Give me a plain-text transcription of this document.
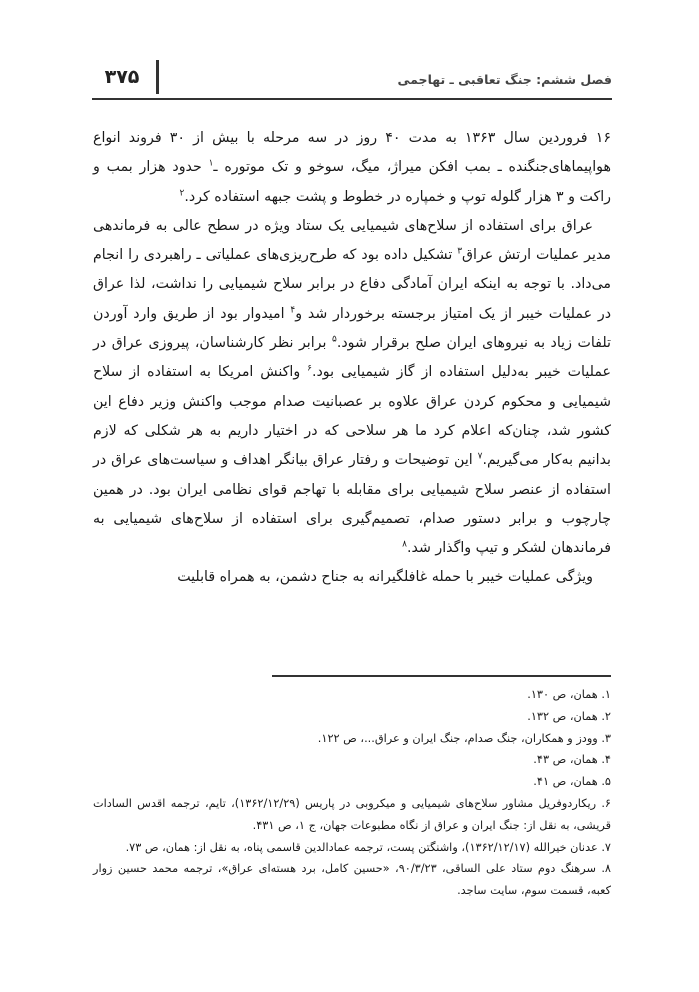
۳۷۵	فصل ششم: جنگ تعاقبی ـ تهاجمی

۱۶ فروردین سال ۱۳۶۳ به مدت ۴۰ روز در سه مرحله با بیش از ۳۰ فروند انواع هواپیماهای‌جنگنده ـ بمب افکن میراژ، میگ، سوخو و تک موتوره ـ$^۱$ حدود هزار بمب و راکت و ۳ هزار گلوله توپ و خمپاره در خطوط و پشت جبهه استفاده کرد.$^۲$

عراق برای استفاده از سلاح‌های شیمیایی یک ستاد ویژه در سطح عالی به فرماندهی مدیر عملیات ارتش عراق$^۳$ تشکیل داده بود که طرح‌ریزی‌های عملیاتی ـ راهبردی را انجام می‌داد. با توجه به اینکه ایران آمادگی دفاع در برابر سلاح شیمیایی را نداشت، لذا عراق در عملیات خیبر از یک امتیاز برجسته برخوردار شد و$^۴$ امیدوار بود از طریق وارد آوردن تلفات زیاد به نیروهای ایران صلح برقرار شود.$^۵$ برابر نظر کارشناسان، پیروزی عراق در عملیات خیبر به‌دلیل استفاده از گاز شیمیایی بود.$^۶$ واکنش امریکا به استفاده از سلاح شیمیایی و محکوم کردن عراق علاوه بر عصبانیت صدام موجب واکنش وزیر دفاع این کشور شد، چنان‌که اعلام کرد ما هر سلاحی که در اختیار داریم به هر شکلی که لازم بدانیم به‌کار می‌گیریم.$^۷$ این توضیحات و رفتار عراق بیانگر اهداف و سیاست‌های عراق در استفاده از عنصر سلاح شیمیایی برای مقابله با تهاجم قوای نظامی ایران بود. در همین چارچوب و برابر دستور صدام، تصمیم‌گیری برای استفاده از سلاح‌های شیمیایی به فرماندهان لشکر و تیپ واگذار شد.$^۸$

ویژگی عملیات خیبر با حمله غافلگیرانه به جناح دشمن، به همراه قابلیت

۱. همان، ص ۱۳۰.

۲. همان، ص ۱۳۲.

۳. وودز و همکاران، جنگ صدام، جنگ ایران و عراق...، ص ۱۲۲.

۴. همان، ص ۴۳.

۵. همان، ص ۴۱.

۶. ریکاردوفریل مشاور سلاح‌های شیمیایی و میکروبی در پاریس (۱۳۶۲/۱۲/۲۹)، تایم، ترجمه اقدس السادات قریشی، به نقل از: جنگ ایران و عراق از نگاه مطبوعات جهان، ج ۱، ص ۴۳۱.

۷. عدنان خیرالله (۱۳۶۲/۱۲/۱۷)، واشنگتن پست، ترجمه عمادالدین قاسمی پناه، به نقل از: همان، ص ۷۳.

۸. سرهنگ دوم ستاد علی الساقی، ۹۰/۳/۲۳، «حسین کامل، برد هسته‌ای عراق»، ترجمه محمد حسین زوار کعبه، قسمت سوم، سایت ساجد.
